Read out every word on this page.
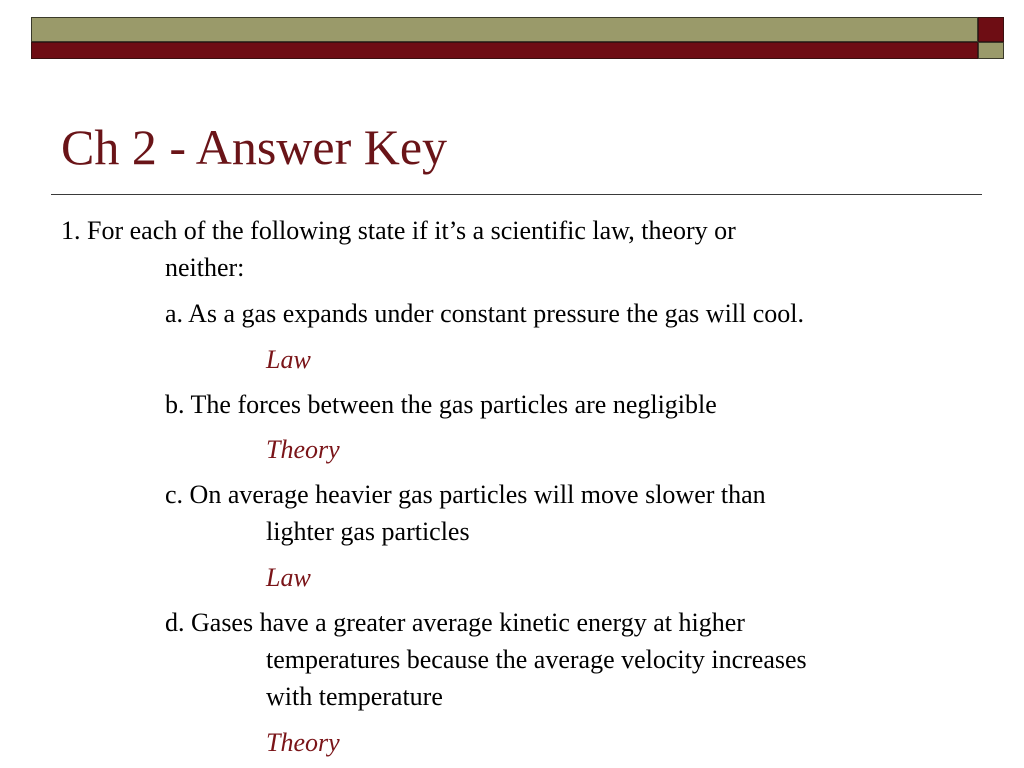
Ch 2 - Answer Key
1. For each of the following state if it’s a scientific law, theory or
neither:
a. As a gas expands under constant pressure the gas will cool.
Law
b. The forces between the gas particles are negligible
Theory
c. On average heavier gas particles will move slower than
lighter gas particles
Law
d. Gases have a greater average kinetic energy at higher
temperatures because the average velocity increases
with temperature
Theory
